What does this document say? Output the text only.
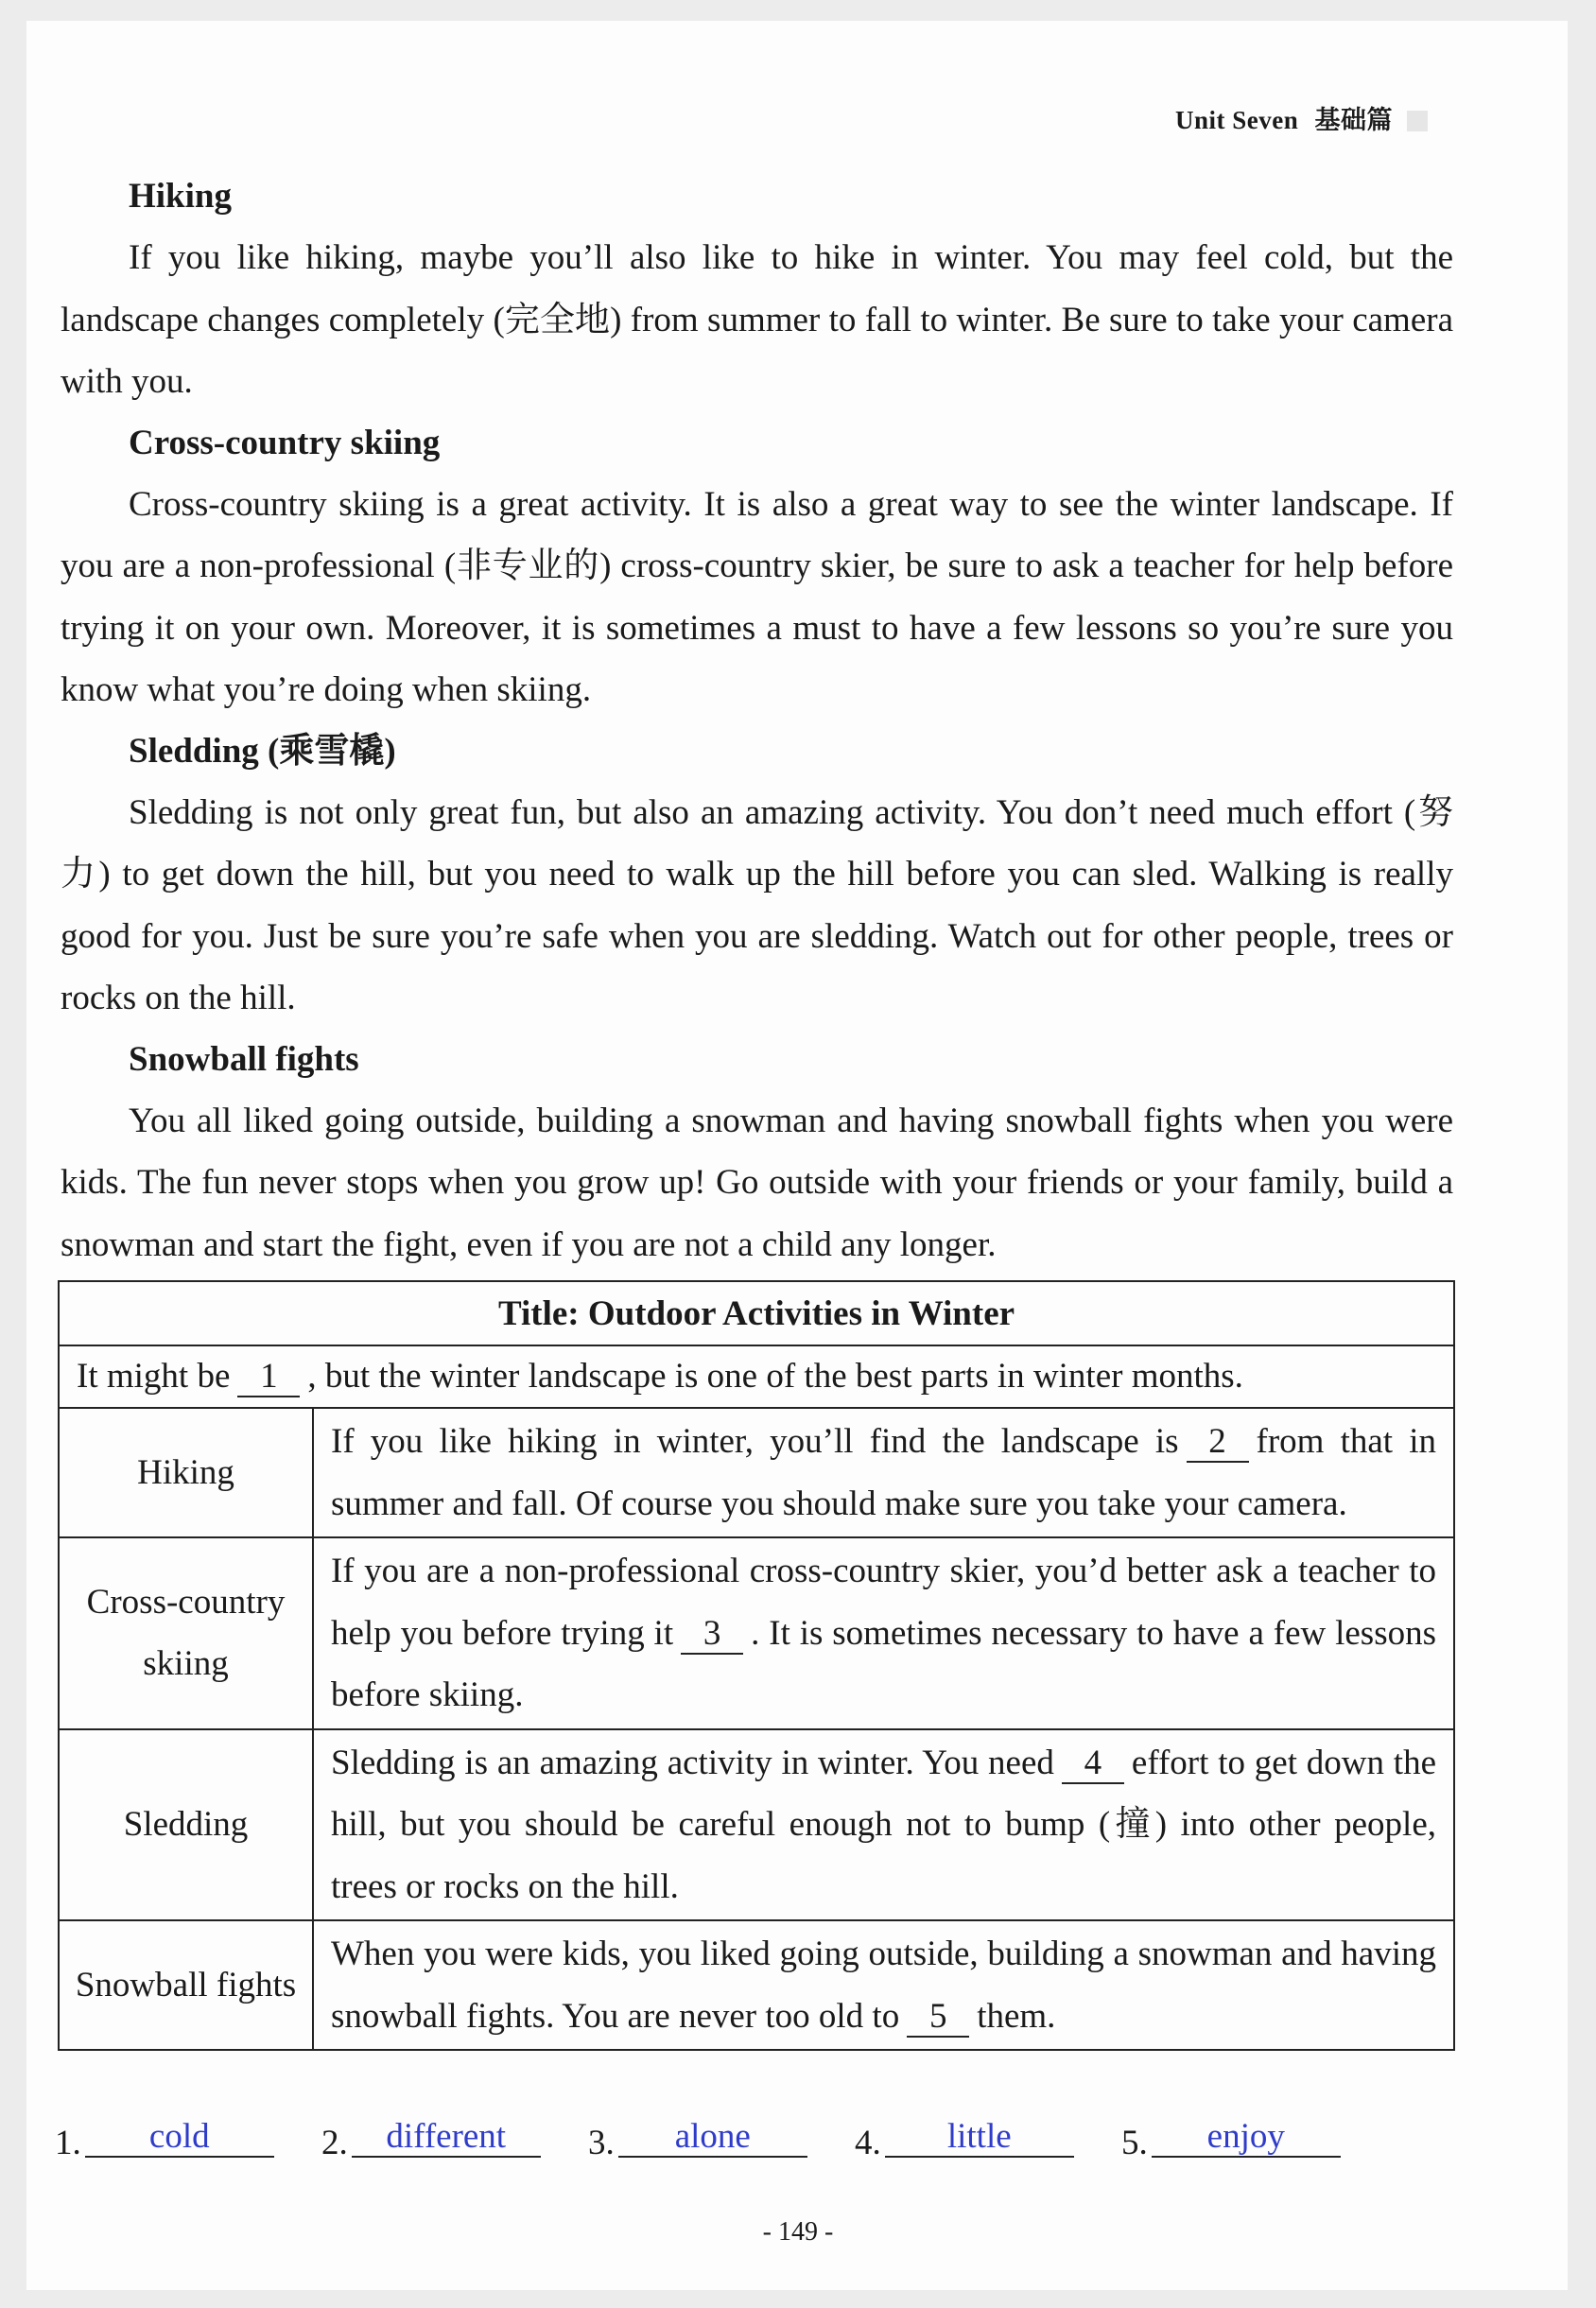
Unit Seven 基础篇

Hiking

If you like hiking, maybe you’ll also like to hike in winter. You may feel cold, but the landscape changes completely (完全地) from summer to fall to winter. Be sure to take your camera with you.

Cross-country skiing

Cross-country skiing is a great activity. It is also a great way to see the winter landscape. If you are a non-professional (非专业的) cross-country skier, be sure to ask a teacher for help before trying it on your own. Moreover, it is sometimes a must to have a few lessons so you’re sure you know what you’re doing when skiing.

Sledding (乘雪橇)

Sledding is not only great fun, but also an amazing activity. You don’t need much effort (努力) to get down the hill, but you need to walk up the hill before you can sled. Walking is really good for you. Just be sure you’re safe when you are sledding. Watch out for other people, trees or rocks on the hill.

Snowball fights

You all liked going outside, building a snowman and having snowball fights when you were kids. The fun never stops when you grow up! Go outside with your friends or your family, build a snowman and start the fight, even if you are not a child any longer.

Title: Outdoor Activities in Winter	
It might be 1 , but the winter landscape is one of the best parts in winter months.	
Hiking	If you like hiking in winter, you’ll find the landscape is 2 from that in summer and fall. Of course you should make sure you take your camera.
Cross-country skiing	If you are a non-professional cross-country skier, you’d better ask a teacher to help you before trying it 3 . It is sometimes necessary to have a few lessons before skiing.
Sledding	Sledding is an amazing activity in winter. You need 4 effort to get down the hill, but you should be careful enough not to bump (撞) into other people, trees or rocks on the hill.
Snowball fights	When you were kids, you liked going outside, building a snowman and having snowball fights. You are never too old to 5 them.
1. cold	2. different	3. alone	4. little	5. enjoy
- 149 -
